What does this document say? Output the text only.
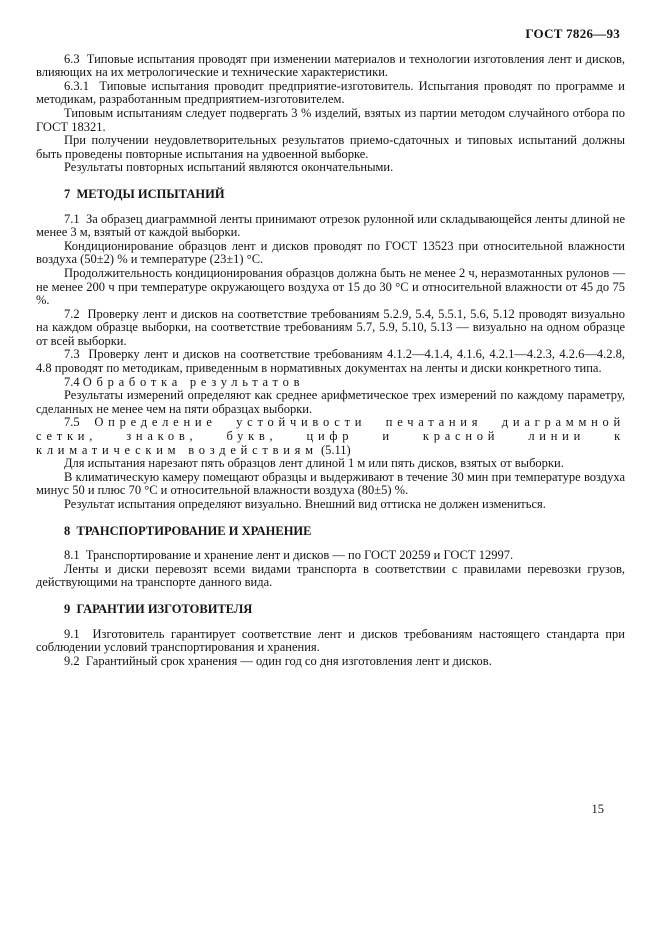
ГОСТ 7826—93

6.3  Типовые испытания проводят при изменении материалов и технологии изготовления лент и дисков, влияющих на их метрологические и технические характеристики.

6.3.1  Типовые испытания проводит предприятие-изготовитель. Испытания проводят по программе и методикам, разработанным предприятием-изготовителем.

Типовым испытаниям следует подвергать 3 % изделий, взятых из партии методом случайного отбора по ГОСТ 18321.

При получении неудовлетворительных результатов приемо-сдаточных и типовых испытаний должны быть проведены повторные испытания на удвоенной выборке.

Результаты повторных испытаний являются окончательными.

7  МЕТОДЫ ИСПЫТАНИЙ

7.1  За образец диаграммной ленты принимают отрезок рулонной или складывающейся ленты длиной не менее 3 м, взятый от каждой выборки.

Кондиционирование образцов лент и дисков проводят по ГОСТ 13523 при относительной влажности воздуха (50±2) % и температуре (23±1) °С.

Продолжительность кондиционирования образцов должна быть не менее 2 ч, неразмотанных рулонов — не менее 200 ч при температуре окружающего воздуха от 15 до 30 °С и относительной влажности от 45 до 75 %.

7.2  Проверку лент и дисков на соответствие требованиям 5.2.9, 5.4, 5.5.1, 5.6, 5.12 проводят визуально на каждом образце выборки, на соответствие требованиям 5.7, 5.9, 5.10, 5.13 — визуально на одном образце от всей выборки.

7.3  Проверку лент и дисков на соответствие требованиям 4.1.2—4.1.4, 4.1.6, 4.2.1—4.2.3, 4.2.6—4.2.8, 4.8 проводят по методикам, приведенным в нормативных документах на ленты и диски конкретного типа.

7.4 Обработка результатов

Результаты измерений определяют как среднее арифметическое трех измерений по каждому параметру, сделанных не менее чем на пяти образцах выборки.

7.5 Определение устойчивости печатания диаграммной сетки, знаков, букв, цифр и красной линии к климатическим воздействиям (5.11)

Для испытания нарезают пять образцов лент длиной 1 м или пять дисков, взятых от выборки.

В климатическую камеру помещают образцы и выдерживают в течение 30 мин при температуре воздуха минус 50 и плюс 70 °С и относительной влажности воздуха (80±5) %.

Результат испытания определяют визуально. Внешний вид оттиска не должен измениться.

8  ТРАНСПОРТИРОВАНИЕ И ХРАНЕНИЕ

8.1  Транспортирование и хранение лент и дисков — по ГОСТ 20259 и ГОСТ 12997.

Ленты и диски перевозят всеми видами транспорта в соответствии с правилами перевозки грузов, действующими на транспорте данного вида.

9  ГАРАНТИИ ИЗГОТОВИТЕЛЯ

9.1  Изготовитель гарантирует соответствие лент и дисков требованиям настоящего стандарта при соблюдении условий транспортирования и хранения.

9.2  Гарантийный срок хранения — один год со дня изготовления лент и дисков.

15
